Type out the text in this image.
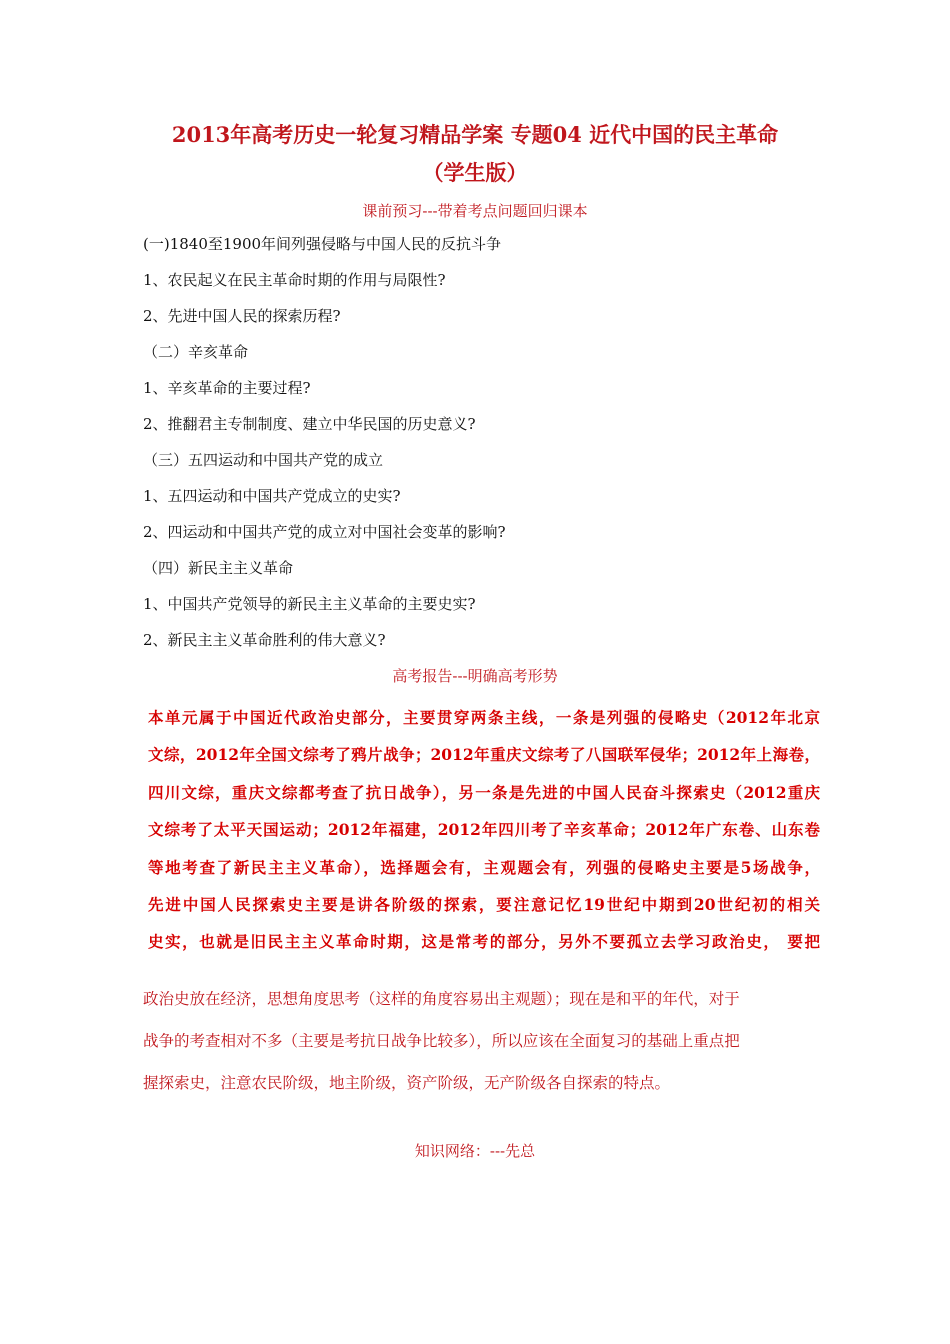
2013年高考历史一轮复习精品学案 专题04 近代中国的民主革命
（学生版）
课前预习---带着考点问题回归课本
(一)1840至1900年间列强侵略与中国人民的反抗斗争
1、农民起义在民主革命时期的作用与局限性?
2、先进中国人民的探索历程?
（二）辛亥革命
1、辛亥革命的主要过程?
2、推翻君主专制制度、建立中华民国的历史意义?
（三）五四运动和中国共产党的成立
1、五四运动和中国共产党成立的史实?
2、四运动和中国共产党的成立对中国社会变革的影响?
（四）新民主主义革命
1、中国共产党领导的新民主主义革命的主要史实?
2、新民主主义革命胜利的伟大意义?
高考报告---明确高考形势
本单元属于中国近代政治史部分，主要贯穿两条主线，一条是列强的侵略史（2012年北京
文综，2012年全国文综考了鸦片战争；2012年重庆文综考了八国联军侵华；2012年上海卷，
四川文综，重庆文综都考查了抗日战争），另一条是先进的中国人民奋斗探索史（2012重庆
文综考了太平天国运动；2012年福建，2012年四川考了辛亥革命；2012年广东卷、山东卷
等地考查了新民主主义革命），选择题会有，主观题会有，列强的侵略史主要是5场战争，
先进中国人民探索史主要是讲各阶级的探索，要注意记忆19世纪中期到20世纪初的相关
史实，也就是旧民主主义革命时期，这是常考的部分，另外不要孤立去学习政治史， 要把
政治史放在经济，思想角度思考（这样的角度容易出主观题）；现在是和平的年代，对于
战争的考查相对不多（主要是考抗日战争比较多），所以应该在全面复习的基础上重点把
握探索史，注意农民阶级，地主阶级，资产阶级，无产阶级各自探索的特点。
知识网络：---先总
